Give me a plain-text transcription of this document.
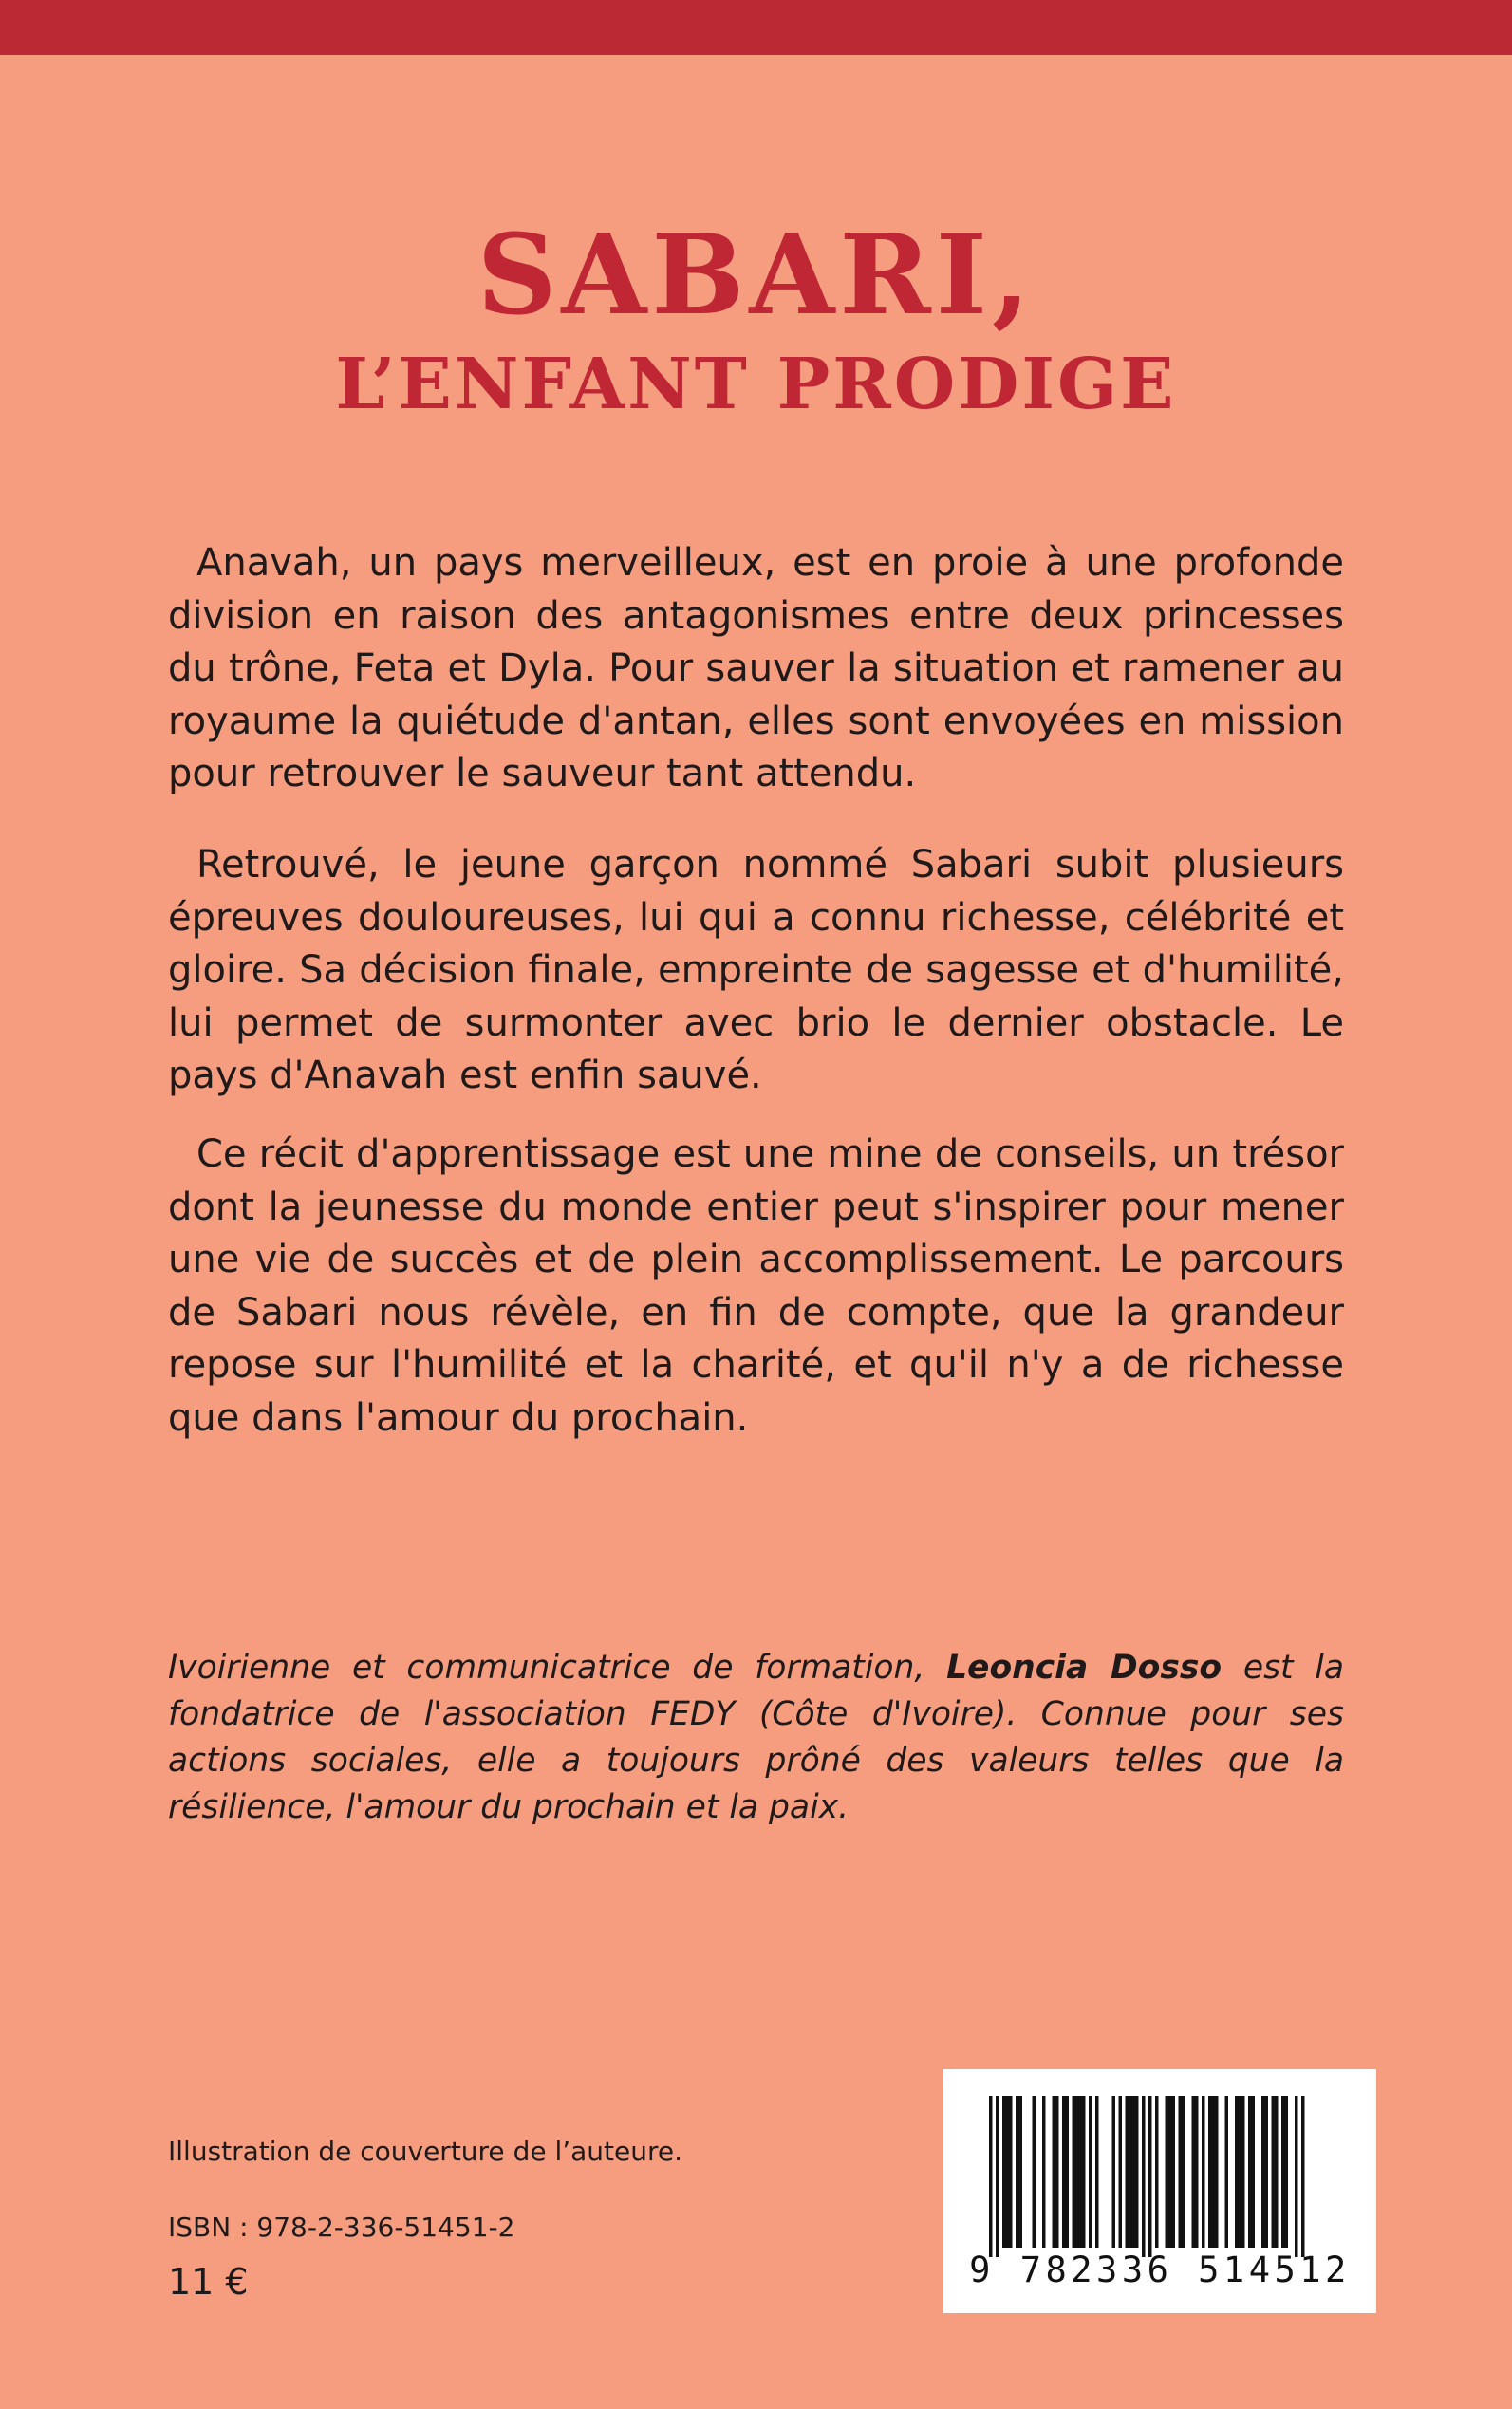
SABARI,
L’ENFANT PRODIGE

Anavah, un pays merveilleux, est en proie à une profonde division en raison des antagonismes entre deux princesses du trône, Feta et Dyla. Pour sauver la situation et ramener au royaume la quiétude d'antan, elles sont envoyées en mission pour retrouver le sauveur tant attendu.

Retrouvé, le jeune garçon nommé Sabari subit plusieurs épreuves douloureuses, lui qui a connu richesse, célébrité et gloire. Sa décision finale, empreinte de sagesse et d'humilité, lui permet de surmonter avec brio le dernier obstacle. Le pays d'Anavah est enfin sauvé.

Ce récit d'apprentissage est une mine de conseils, un trésor dont la jeunesse du monde entier peut s'inspirer pour mener une vie de succès et de plein accomplissement. Le parcours de Sabari nous révèle, en fin de compte, que la grandeur repose sur l'humilité et la charité, et qu'il n'y a de richesse que dans l'amour du prochain.

Ivoirienne et communicatrice de formation, Leoncia Dosso est la fondatrice de l'association FEDY (Côte d'Ivoire). Connue pour ses actions sociales, elle a toujours prôné des valeurs telles que la résilience, l'amour du prochain et la paix.

Illustration de couverture de l’auteure.

ISBN : 978-2-336-51451-2

11 €	9 782336 514512
